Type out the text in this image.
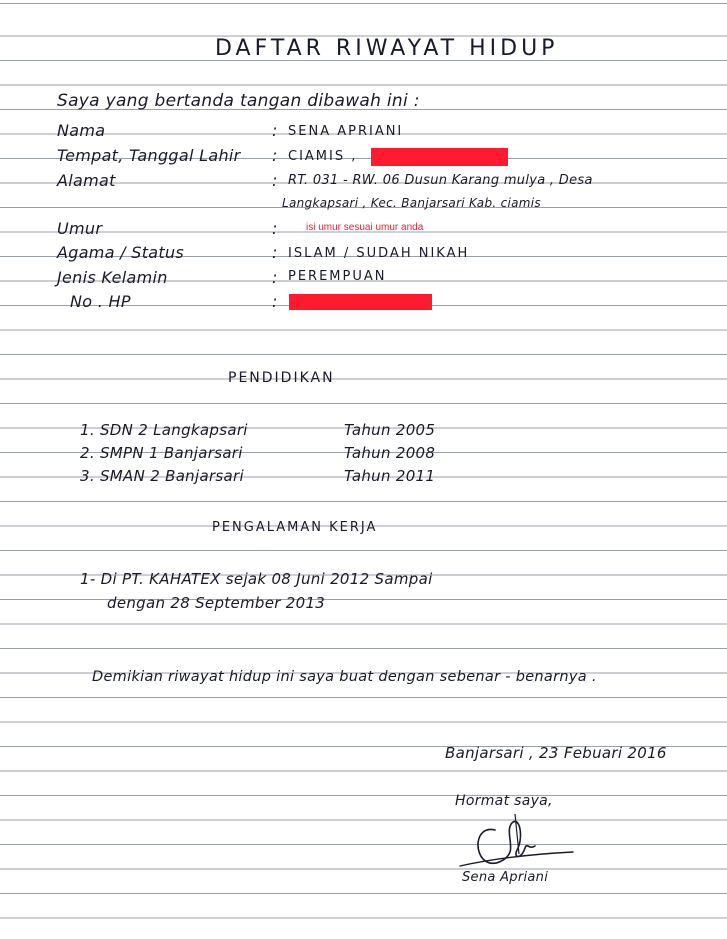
DAFTAR RIWAYAT HIDUP
Saya yang bertanda tangan dibawah ini :
Nama	: SENA APRIANI
Tempat, Tanggal Lahir : CIAMIS ,
Alamat	: RT. 031 - RW. 06 Dusun Karang mulya , Desa
Langkapsari , Kec. Banjarsari Kab. ciamis
Umur	:	isi umur sesuai umur anda
Agama / Status	: ISLAM / SUDAH NIKAH
Jenis Kelamin	: PEREMPUAN
No . HP	:
PENDIDIKAN
1. SDN 2 Langkapsari	Tahun 2005
2. SMPN 1 Banjarsari	Tahun 2008
3. SMAN 2 Banjarsari	Tahun 2011
PENGALAMAN KERJA
1- Di PT. KAHATEX sejak 08 Juni 2012 Sampai
dengan 28 September 2013
Demikian riwayat hidup ini saya buat dengan sebenar - benarnya .
Banjarsari , 23 Febuari 2016
Hormat saya,
Sena Apriani
